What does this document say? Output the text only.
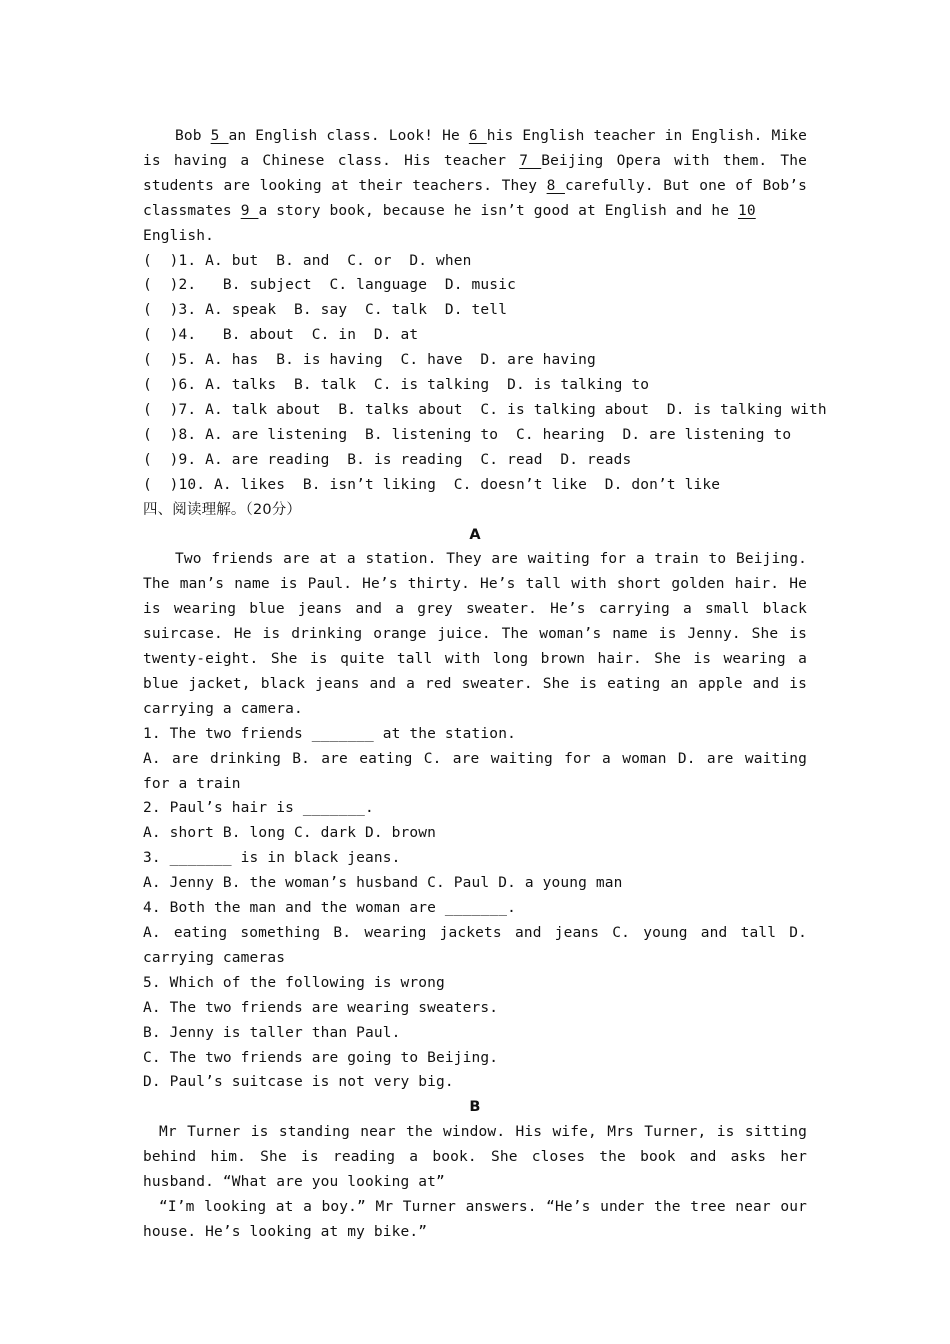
Bob 5 an English class. Look! He 6 his English teacher in English. Mike is having a Chinese class. His teacher 7 Beijing Opera with them. The students are looking at their teachers. They 8 carefully. But one of Bob’s classmates 9 a story book, because he isn’t good at English and he 10
English.

(  )1. A. but  B. and  C. or  D. when

(  )2.   B. subject  C. language  D. music

(  )3. A. speak  B. say  C. talk  D. tell

(  )4.   B. about  C. in  D. at

(  )5. A. has  B. is having  C. have  D. are having

(  )6. A. talks  B. talk  C. is talking  D. is talking to

(  )7. A. talk about  B. talks about  C. is talking about  D. is talking with

(  )8. A. are listening  B. listening to  C. hearing  D. are listening to

(  )9. A. are reading  B. is reading  C. read  D. reads

(  )10. A. likes  B. isn’t liking  C. doesn’t like  D. don’t like

四、阅读理解。（20分）

A

Two friends are at a station. They are waiting for a train to Beijing. The man’s name is Paul. He’s thirty. He’s tall with short golden hair. He is wearing blue jeans and a grey sweater. He’s carrying a small black suircase. He is drinking orange juice. The woman’s name is Jenny. She is twenty-eight. She is quite tall with long brown hair. She is wearing a blue jacket, black jeans and a red sweater. She is eating an apple and is carrying a camera.

1. The two friends _______ at the station.

A. are drinking B. are eating C. are waiting for a woman D. are waiting for a train

2. Paul’s hair is _______.

A. short B. long C. dark D. brown

3. _______ is in black jeans.

A. Jenny B. the woman’s husband C. Paul D. a young man

4. Both the man and the woman are _______.

A. eating something B. wearing jackets and jeans C. young and tall D. carrying cameras

5. Which of the following is wrong

A. The two friends are wearing sweaters.

B. Jenny is taller than Paul.

C. The two friends are going to Beijing.

D. Paul’s suitcase is not very big.

B

Mr Turner is standing near the window. His wife, Mrs Turner, is sitting behind him. She is reading a book. She closes the book and asks her husband. “What are you looking at”

“I’m looking at a boy.” Mr Turner answers. “He’s under the tree near our house. He’s looking at my bike.”
